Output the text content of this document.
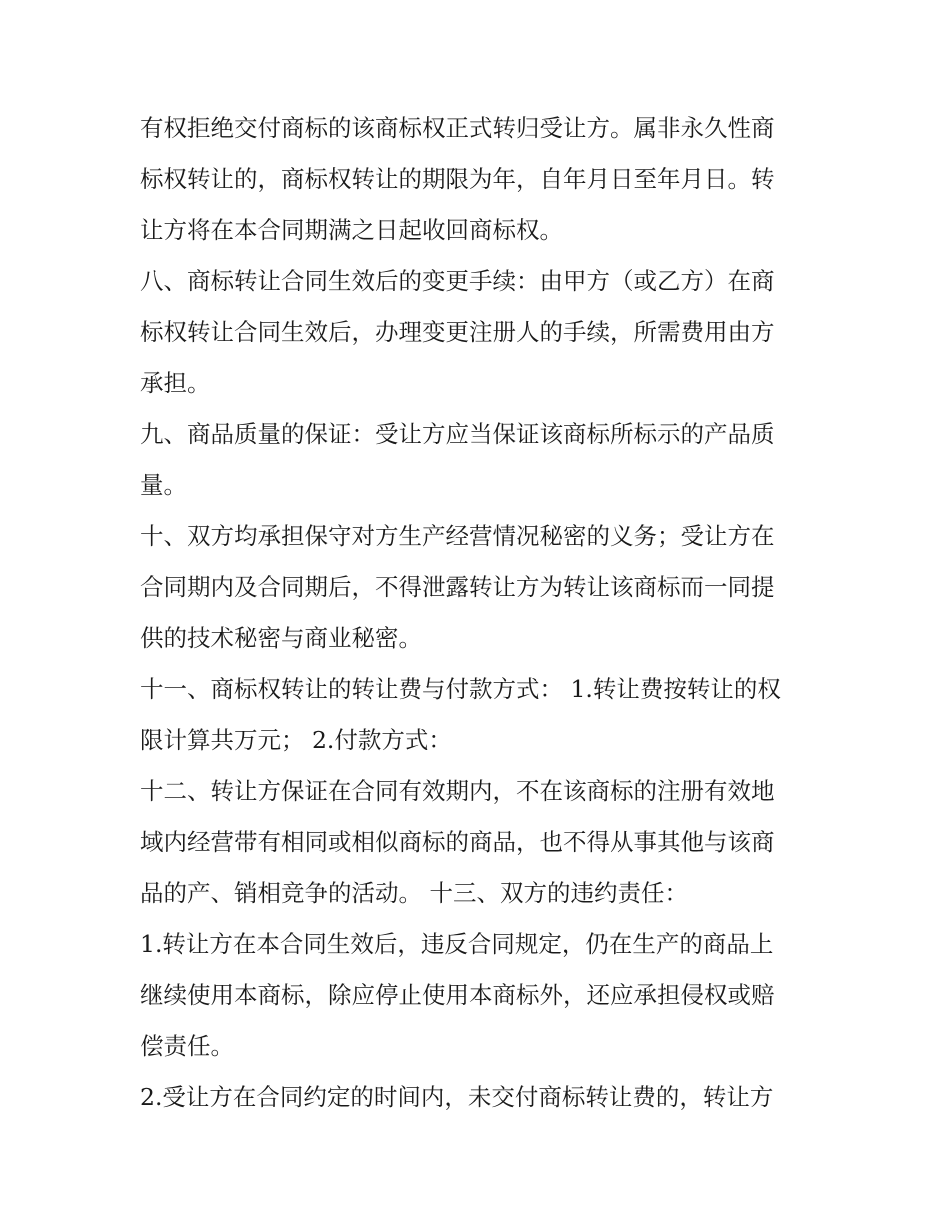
有权拒绝交付商标的该商标权正式转归受让方。属非永久性商
标权转让的，商标权转让的期限为年，自年月日至年月日。转
让方将在本合同期满之日起收回商标权。
八、商标转让合同生效后的变更手续：由甲方（或乙方）在商
标权转让合同生效后，办理变更注册人的手续，所需费用由方
承担。
九、商品质量的保证：受让方应当保证该商标所标示的产品质
量。
十、双方均承担保守对方生产经营情况秘密的义务；受让方在
合同期内及合同期后，不得泄露转让方为转让该商标而一同提
供的技术秘密与商业秘密。
十一、商标权转让的转让费与付款方式： 1.转让费按转让的权
限计算共万元； 2.付款方式：
十二、转让方保证在合同有效期内，不在该商标的注册有效地
域内经营带有相同或相似商标的商品，也不得从事其他与该商
品的产、销相竞争的活动。 十三、双方的违约责任：
1.转让方在本合同生效后，违反合同规定，仍在生产的商品上
继续使用本商标，除应停止使用本商标外，还应承担侵权或赔
偿责任。
2.受让方在合同约定的时间内，未交付商标转让费的，转让方
